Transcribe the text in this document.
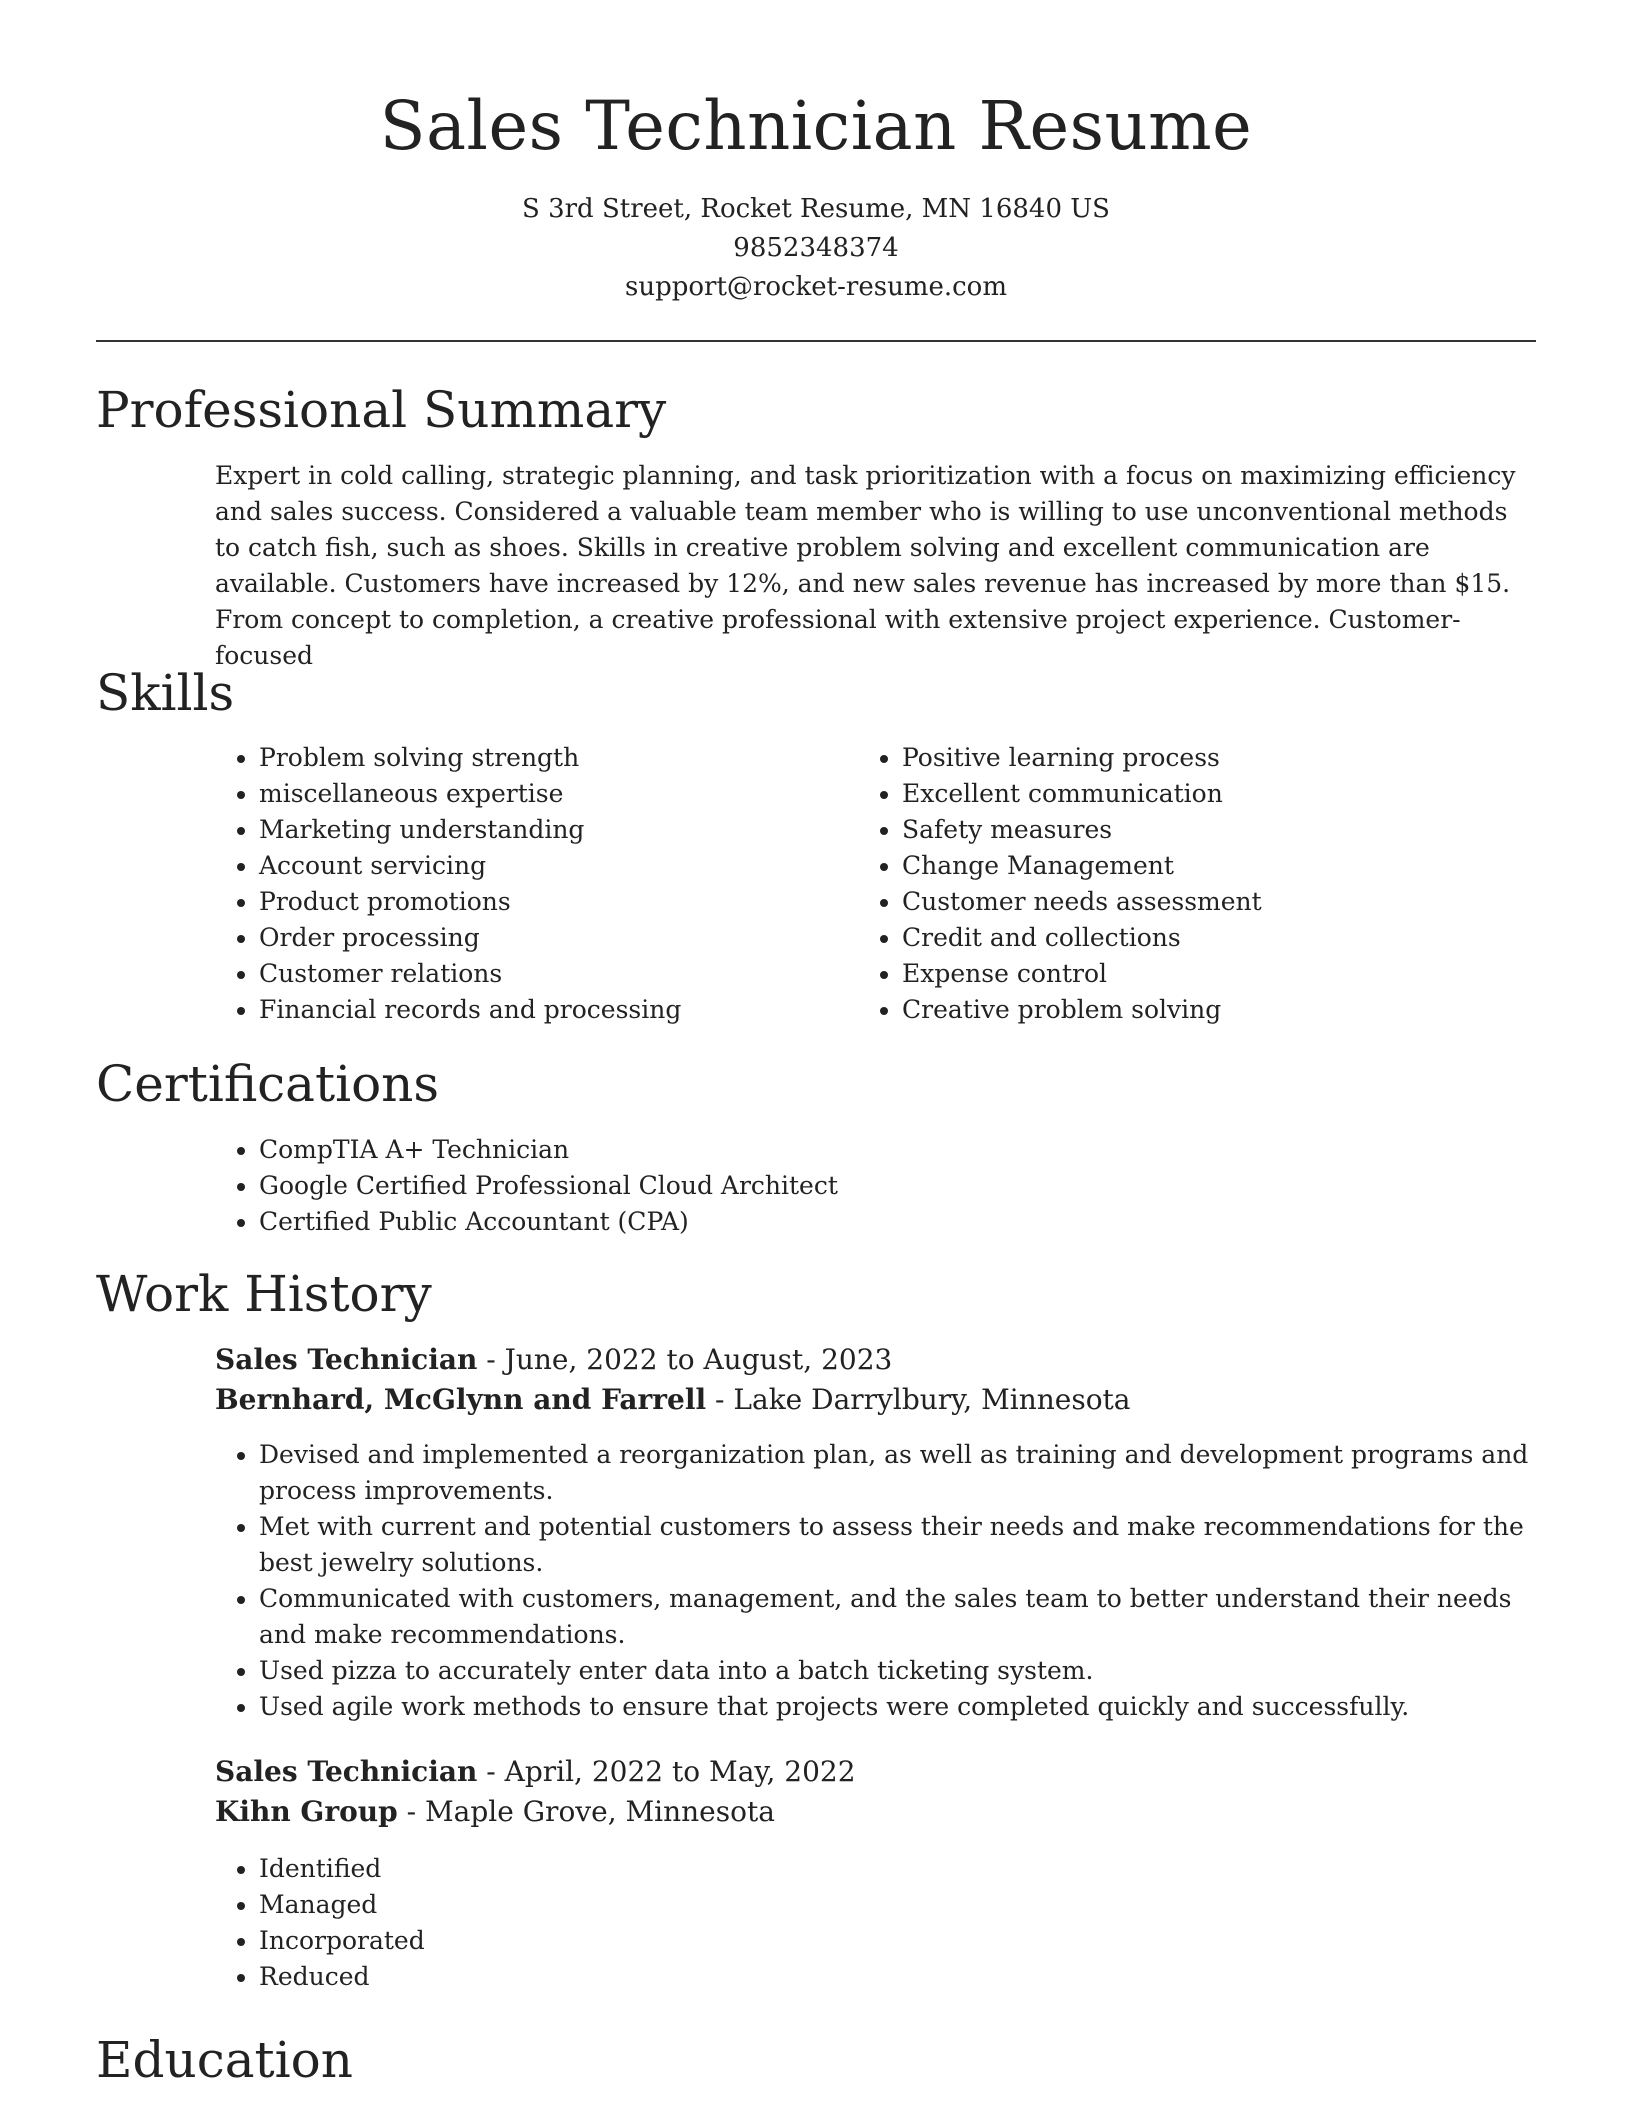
Sales Technician Resume

S 3rd Street, Rocket Resume, MN 16840 US

9852348374

support@rocket-resume.com

Professional Summary

Expert in cold calling, strategic planning, and task prioritization with a focus on maximizing efficiency and sales success. Considered a valuable team member who is willing to use unconventional methods to catch fish, such as shoes. Skills in creative problem solving and excellent communication are available. Customers have increased by 12%, and new sales revenue has increased by more than $15. From concept to completion, a creative professional with extensive project experience. Customer-focused

Skills
• Problem solving strength
• miscellaneous expertise
• Marketing understanding
• Account servicing
• Product promotions
• Order processing
• Customer relations
• Financial records and processing
• Positive learning process
• Excellent communication
• Safety measures
• Change Management
• Customer needs assessment
• Credit and collections
• Expense control
• Creative problem solving
Certifications
• CompTIA A+ Technician
• Google Certified Professional Cloud Architect
• Certified Public Accountant (CPA)
Work History

Sales Technician - June, 2022 to August, 2023

Bernhard, McGlynn and Farrell - Lake Darrylbury, Minnesota

• Devised and implemented a reorganization plan, as well as training and development programs and process improvements.
• Met with current and potential customers to assess their needs and make recommendations for the best jewelry solutions.
• Communicated with customers, management, and the sales team to better understand their needs and make recommendations.
• Used pizza to accurately enter data into a batch ticketing system.
• Used agile work methods to ensure that projects were completed quickly and successfully.

Sales Technician - April, 2022 to May, 2022

Kihn Group - Maple Grove, Minnesota

• Identified
• Managed
• Incorporated
• Reduced
Education
